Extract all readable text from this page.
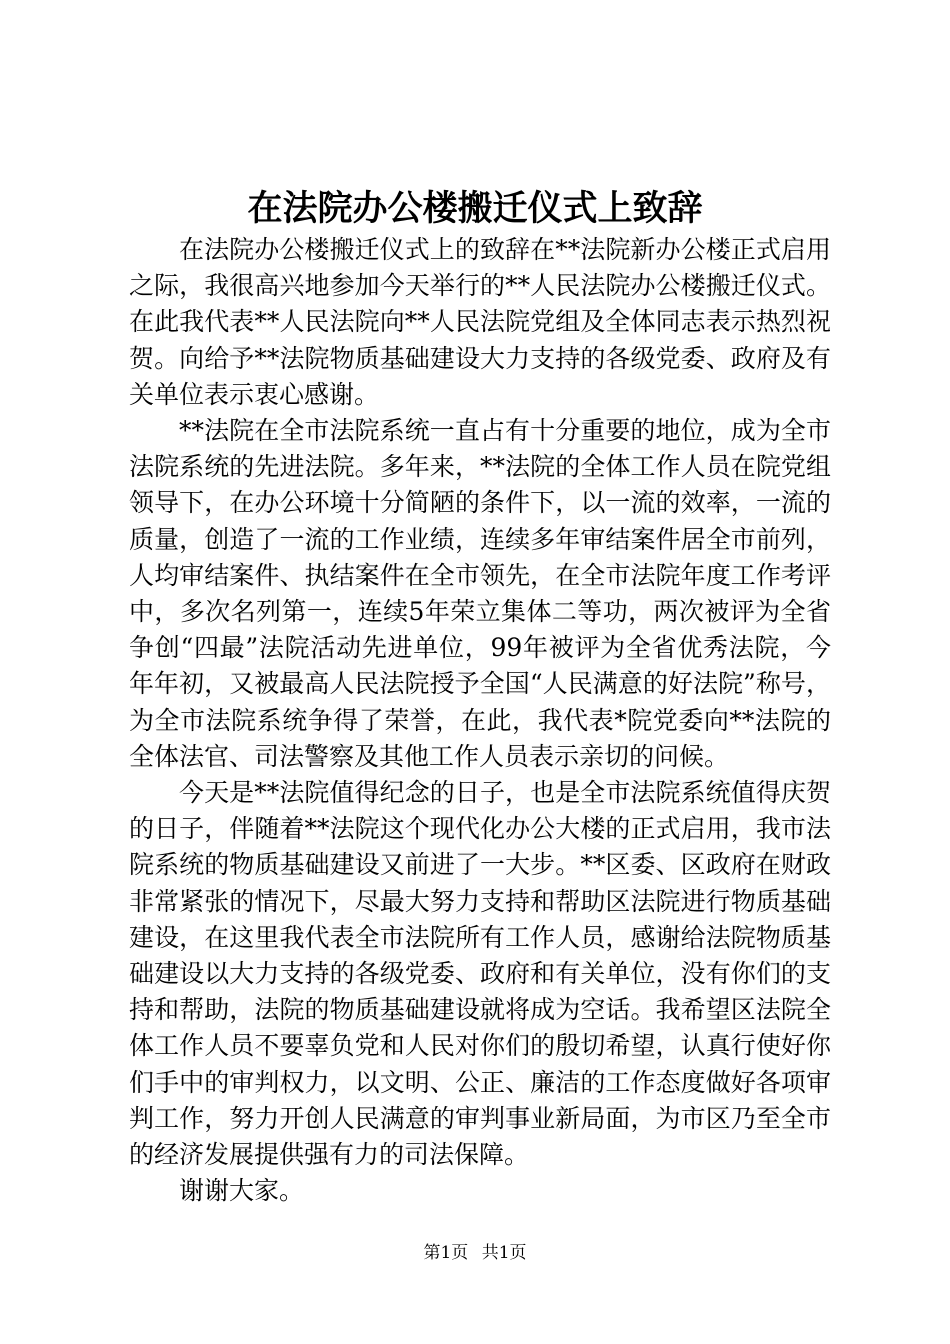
在法院办公楼搬迁仪式上致辞

在法院办公楼搬迁仪式上的致辞在**法院新办公楼正式启用之际，我很高兴地参加今天举行的**人民法院办公楼搬迁仪式。在此我代表**人民法院向**人民法院党组及全体同志表示热烈祝贺。向给予**法院物质基础建设大力支持的各级党委、政府及有关单位表示衷心感谢。

**法院在全市法院系统一直占有十分重要的地位，成为全市法院系统的先进法院。多年来，**法院的全体工作人员在院党组领导下，在办公环境十分简陋的条件下，以一流的效率，一流的质量，创造了一流的工作业绩，连续多年审结案件居全市前列，人均审结案件、执结案件在全市领先，在全市法院年度工作考评中，多次名列第一，连续5年荣立集体二等功，两次被评为全省争创“四最”法院活动先进单位，99年被评为全省优秀法院，今年年初，又被最高人民法院授予全国“人民满意的好法院”称号，为全市法院系统争得了荣誉，在此，我代表*院党委向**法院的全体法官、司法警察及其他工作人员表示亲切的问候。

今天是**法院值得纪念的日子，也是全市法院系统值得庆贺的日子，伴随着**法院这个现代化办公大楼的正式启用，我市法院系统的物质基础建设又前进了一大步。**区委、区政府在财政非常紧张的情况下，尽最大努力支持和帮助区法院进行物质基础建设，在这里我代表全市法院所有工作人员，感谢给法院物质基础建设以大力支持的各级党委、政府和有关单位，没有你们的支持和帮助，法院的物质基础建设就将成为空话。我希望区法院全体工作人员不要辜负党和人民对你们的殷切希望，认真行使好你们手中的审判权力，以文明、公正、廉洁的工作态度做好各项审判工作，努力开创人民满意的审判事业新局面，为市区乃至全市的经济发展提供强有力的司法保障。

谢谢大家。

第1页 共1页
